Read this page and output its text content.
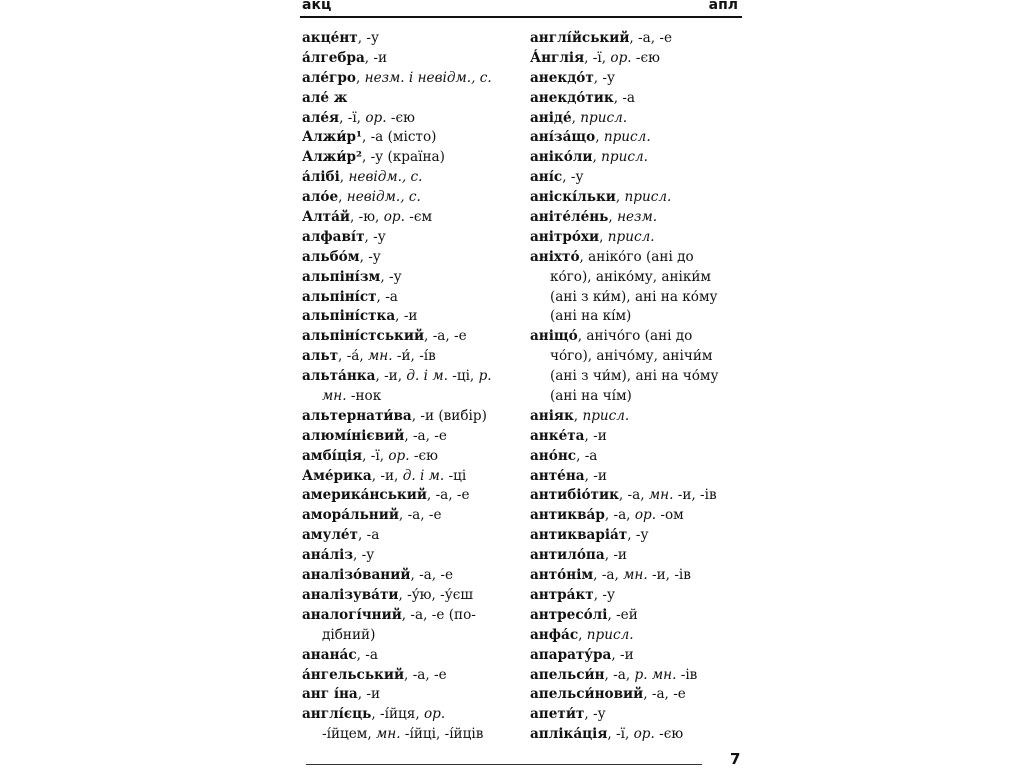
акц	апл
акце́нт, -у
а́лгебра, -и
але́гро, незм. і невідм., с.
але́ ж
але́я, -ї, ор. -єю
Алжи́р¹, -а (місто)
Алжи́р², -у (країна)
а́лібі, невідм., с.
ало́е, невідм., с.
Алта́й, -ю, ор. -єм
алфаві́т, -у
альбо́м, -у
альпіні́зм, -у
альпіні́ст, -а
альпіні́стка, -и
альпіні́стський, -а, -е
альт, -а́, мн. -и́, -і́в
альта́нка, -и, д. і м. -ці, р.
мн. -нок
альтернати́ва, -и (вибір)
алюмі́нієвий, -а, -е
амбі́ція, -ї, ор. -єю
Аме́рика, -и, д. і м. -ці
америка́нський, -а, -е
амора́льний, -а, -е
амуле́т, -а
ана́ліз, -у
аналізо́ваний, -а, -е
аналізува́ти, -у́ю, -у́єш
аналогі́чний, -а, -е (по-
дібний)
анана́с, -а
а́нгельський, -а, -е
анг і́на, -и
англі́єць, -і́йця, ор.
-і́йцем, мн. -і́йці, -і́йців
англі́йський, -а, -е
А́нглія, -ї, ор. -єю
анекдо́т, -у
анекдо́тик, -а
аніде́, присл.
ані́за́що, присл.
аніко́ли, присл.
ані́с, -у
аніскі́льки, присл.
аніте́ле́нь, незм.
анітро́хи, присл.
аніхто́, аніко́го (ані до
ко́го), аніко́му, аніки́м
(ані з ки́м), ані на ко́му
(ані на кі́м)
аніщо́, анічо́го (ані до
чо́го), анічо́му, анічи́м
(ані з чи́м), ані на чо́му
(ані на чі́м)
аніяк, присл.
анке́та, -и
ано́нс, -а
анте́на, -и
антибіо́тик, -а, мн. -и, -ів
антиква́р, -а, ор. -ом
антикваріа́т, -у
антило́па, -и
анто́нім, -а, мн. -и, -ів
антра́кт, -у
антресо́лі, -ей
анфа́с, присл.
апарату́ра, -и
апельси́н, -а, р. мн. -ів
апельси́новий, -а, -е
апети́т, -у
апліка́ція, -ї, ор. -єю
7
